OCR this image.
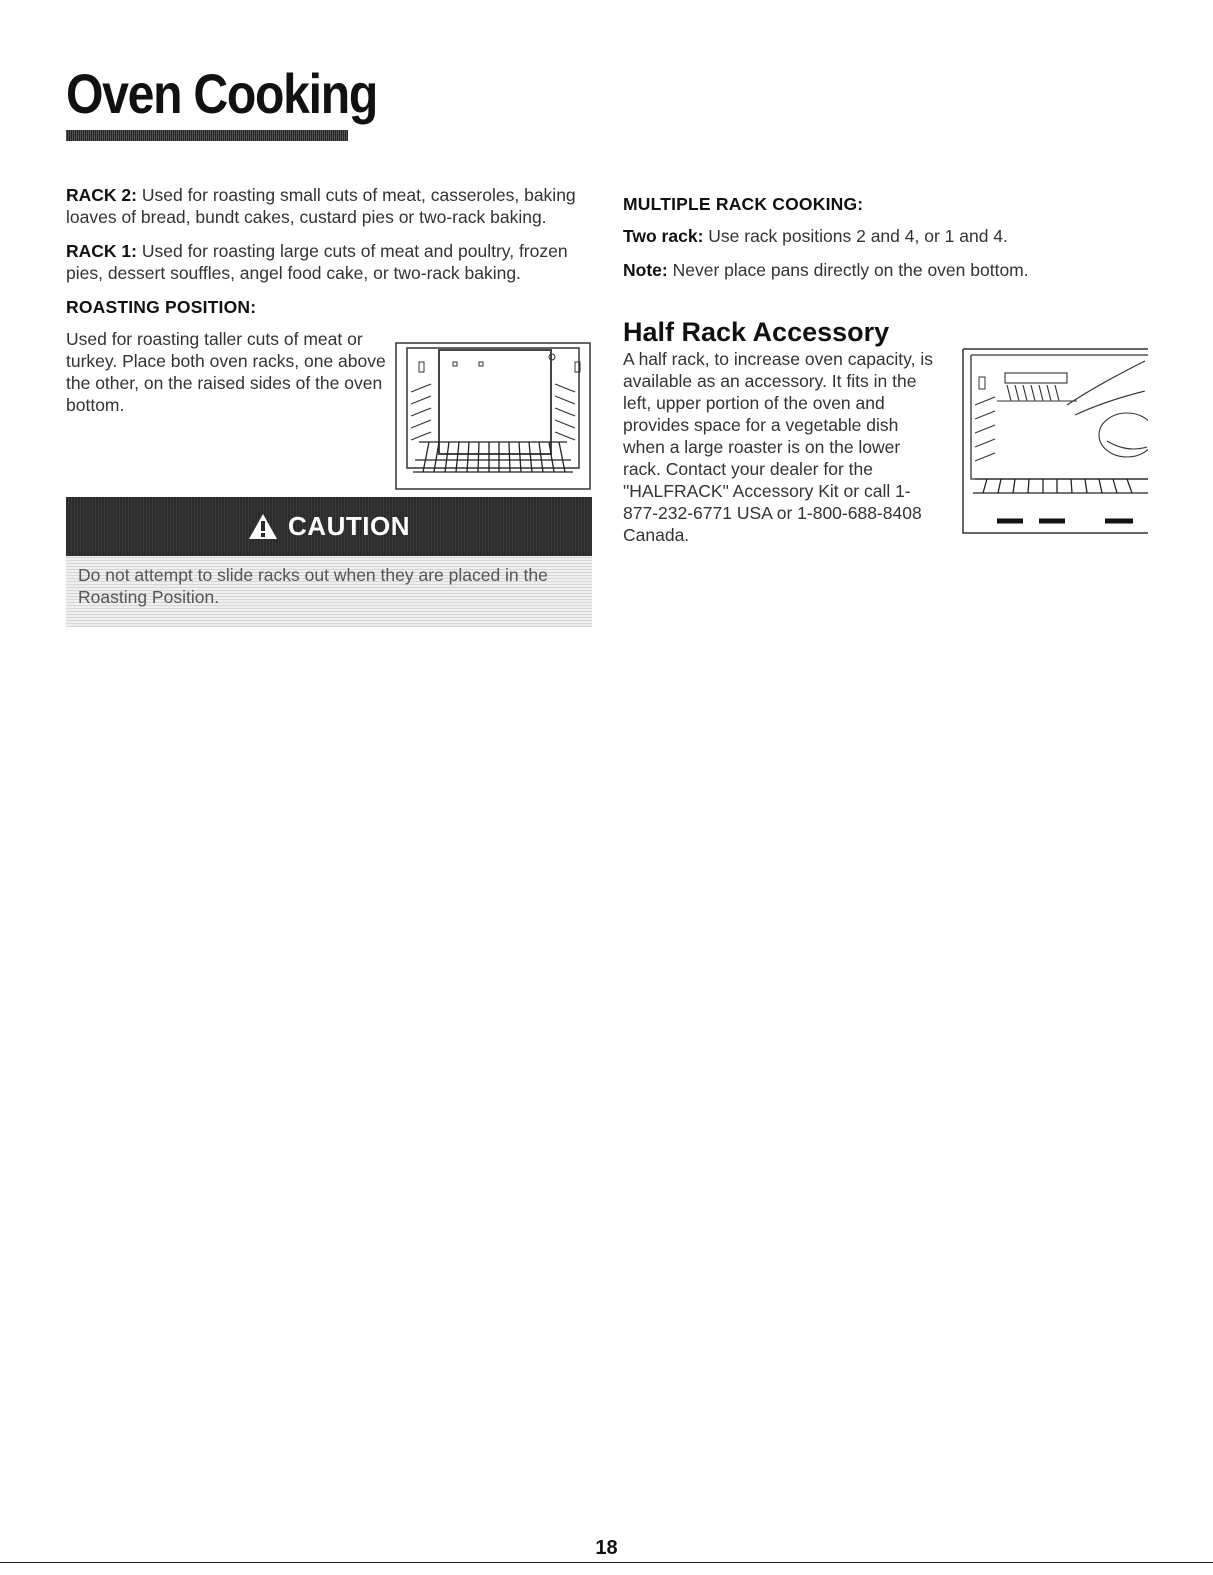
Oven Cooking

RACK 2: Used for roasting small cuts of meat, casseroles, baking loaves of bread, bundt cakes, custard pies or two-rack baking.

RACK 1: Used for roasting large cuts of meat and poultry, frozen pies, dessert souffles, angel food cake, or two-rack baking.

ROASTING POSITION:

Used for roasting taller cuts of meat or turkey. Place both oven racks, one above the other, on the raised sides of the oven bottom.

CAUTION
Do not attempt to slide racks out when they are placed in the Roasting Position.
MULTIPLE RACK COOKING:

Two rack: Use rack positions 2 and 4, or 1 and 4.

Note: Never place pans directly on the oven bottom.

Half Rack Accessory

A half rack, to increase oven capacity, is available as an accessory. It fits in the left, upper portion of the oven and provides space for a vegetable dish when a large roaster is on the lower rack. Contact your dealer for the "HALFRACK" Accessory Kit or call 1-877-232-6771 USA or 1-800-688-8408 Canada.

18
